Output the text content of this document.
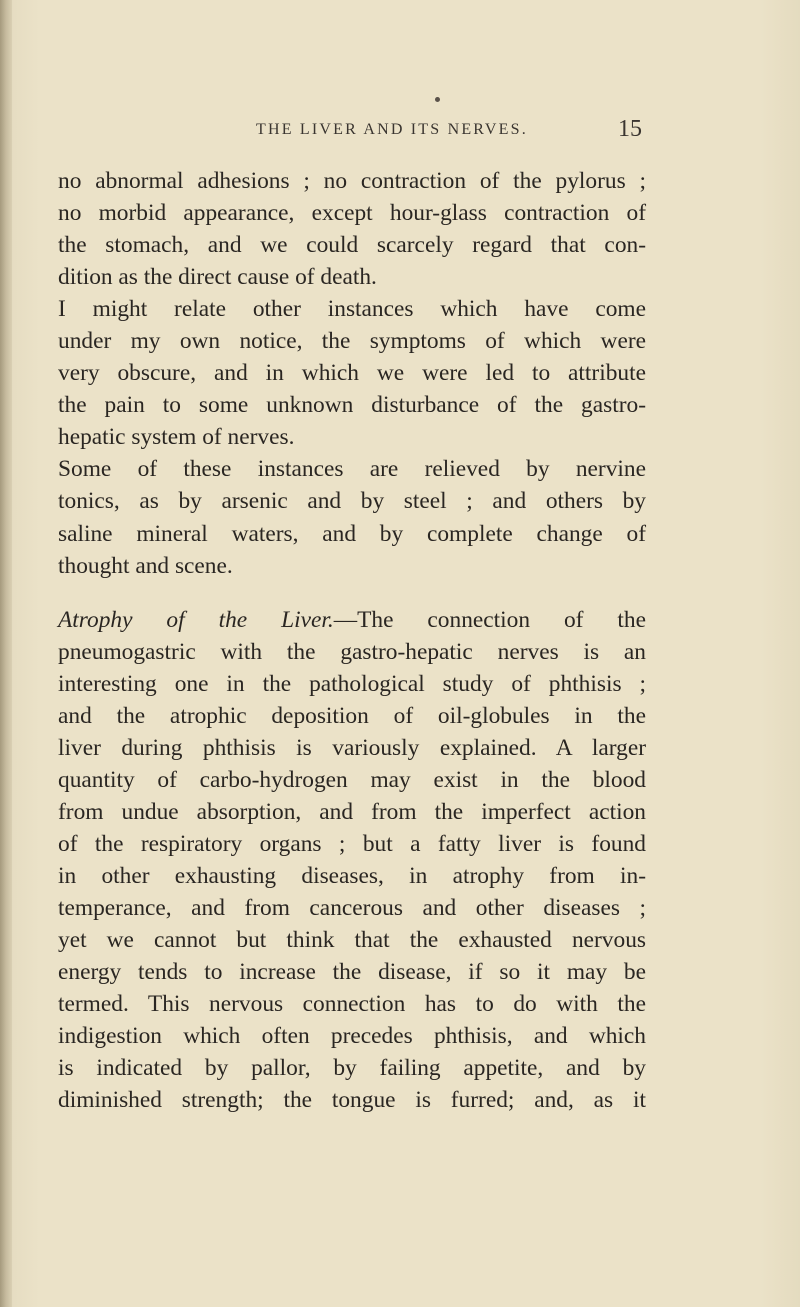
THE LIVER AND ITS NERVES.	15
no abnormal adhesions ; no contraction of the pylorus ;
no morbid appearance, except hour-glass contraction of
the stomach, and we could scarcely regard that con-
dition as the direct cause of death.
I might relate other instances which have come
under my own notice, the symptoms of which were
very obscure, and in which we were led to attribute
the pain to some unknown disturbance of the gastro-
hepatic system of nerves.
Some of these instances are relieved by nervine
tonics, as by arsenic and by steel ; and others by
saline mineral waters, and by complete change of
thought and scene.
Atrophy of the Liver.—The connection of the
pneumogastric with the gastro-hepatic nerves is an
interesting one in the pathological study of phthisis ;
and the atrophic deposition of oil-globules in the
liver during phthisis is variously explained. A larger
quantity of carbo-hydrogen may exist in the blood
from undue absorption, and from the imperfect action
of the respiratory organs ; but a fatty liver is found
in other exhausting diseases, in atrophy from in-
temperance, and from cancerous and other diseases ;
yet we cannot but think that the exhausted nervous
energy tends to increase the disease, if so it may be
termed. This nervous connection has to do with the
indigestion which often precedes phthisis, and which
is indicated by pallor, by failing appetite, and by
diminished strength; the tongue is furred; and, as it
